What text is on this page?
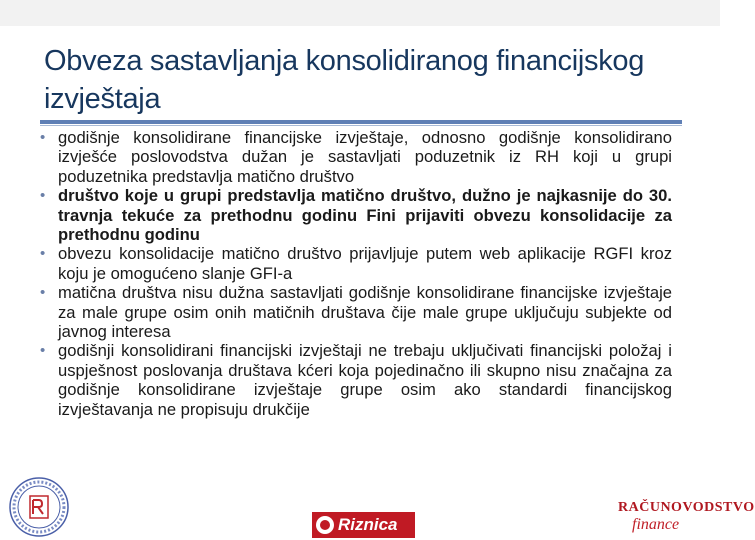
Obveza sastavljanja konsolidiranog financijskog izvještaja
• godišnje konsolidirane financijske izvještaje, odnosno godišnje konsolidirano izvješće poslovodstva dužan je sastavljati poduzetnik iz RH koji u grupi poduzetnika predstavlja matično društvo
• društvo koje u grupi predstavlja matično društvo, dužno je najkasnije do 30. travnja tekuće za prethodnu godinu Fini prijaviti obvezu konsolidacije za prethodnu godinu
• obvezu konsolidacije matično društvo prijavljuje putem web aplikacije RGFI kroz koju je omogućeno slanje GFI-a
• matična društva nisu dužna sastavljati godišnje konsolidirane financijske izvještaje za male grupe osim onih matičnih društava čije male grupe uključuju subjekte od javnog interesa
• godišnji konsolidirani financijski izvještaji ne trebaju uključivati financijski položaj i uspješnost poslovanja društava kćeri koja pojedinačno ili skupno nisu značajna za godišnje konsolidirane izvještaje grupe osim ako standardi financijskog izvještavanja ne propisuju drukčije
Riznica
RAČUNOVODSTVO
finance
